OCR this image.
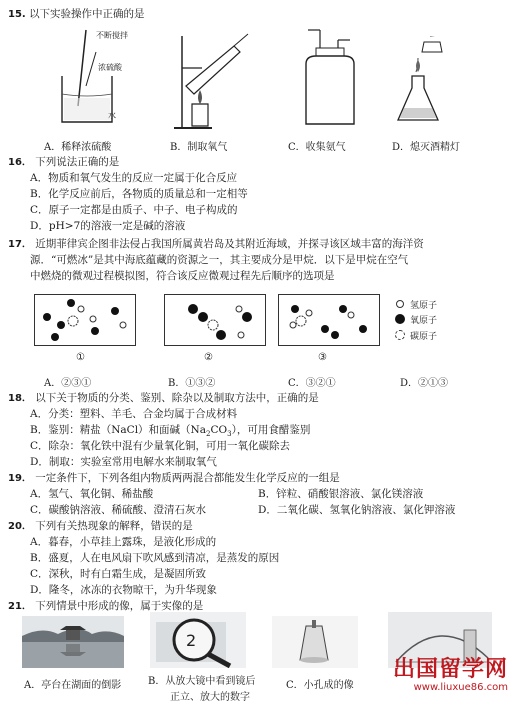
15. 以下实验操作中正确的是
不断搅拌
浓硫酸
水
A．稀释浓硫酸	B．制取氧气	C．收集氨气	D．熄灭酒精灯
16． 下列说法正确的是
A．物质和氧气发生的反应一定属于化合反应
B．化学反应前后，各物质的质量总和一定相等
C．原子一定都是由质子、中子、电子构成的
D．pH>7的溶液一定是碱的溶液
17． 近期菲律宾企图非法侵占我国所属黄岩岛及其附近海域，并探寻该区域丰富的海洋资
源．“可燃冰”是其中海底蕴藏的资源之一，其主要成分是甲烷．以下是甲烷在空气
中燃烧的微观过程模拟图，符合该反应微观过程先后顺序的选项是
①	②	③
氢原子
氧原子
碳原子
A．②③①	B．①③②	C．③②①	D．②①③
18． 以下关于物质的分类、鉴别、除杂以及制取方法中，正确的是
A．分类：塑料、羊毛、合金均属于合成材料
B．鉴别：精盐（NaCl）和面碱$(Na_2CO_3)$，可用食醋鉴别
C．除杂：氧化铁中混有少量氧化铜，可用一氧化碳除去
D．制取：实验室常用电解水来制取氧气
19． 一定条件下，下列各组内物质两两混合都能发生化学反应的一组是
A．氢气、氧化铜、稀盐酸	B．锌粒、硝酸银溶液、氯化镁溶液
C．碳酸钠溶液、稀硫酸、澄清石灰水	D．二氧化碳、氢氧化钠溶液、氯化钾溶液
20． 下列有关热现象的解释，错误的是
A．暮春，小草挂上露珠，是液化形成的
B．盛夏，人在电风扇下吹风感到清凉，是蒸发的原因
C．深秋，时有白霜生成，是凝固所致
D．隆冬，冰冻的衣物晾干，为升华现象
21． 下列情景中形成的像，属于实像的是
A．亭台在湖面的倒影
2
B．从放大镜中看到镜后
正立、放大的数字
C．小孔成的像
出国留学网
www.liuxue86.com
